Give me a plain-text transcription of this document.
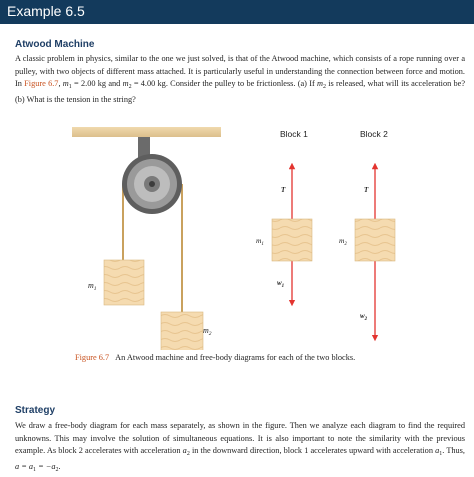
Example 6.5
Atwood Machine
A classic problem in physics, similar to the one we just solved, is that of the Atwood machine, which consists of a rope running over a pulley, with two objects of different mass attached. It is particularly useful in understanding the connection between force and motion. In Figure 6.7, $m_1 = 2.00$ kg and $m_2 = 4.00$ kg. Consider the pulley to be frictionless. (a) If $m_2$ is released, what will its acceleration be? (b) What is the tension in the string?
$m_1$
$m_2$
Block 1	Block 2
T
$w_1$
$m_1$
T
$w_2$
$m_2$
Figure 6.7 An Atwood machine and free-body diagrams for each of the two blocks.
Strategy
We draw a free-body diagram for each mass separately, as shown in the figure. Then we analyze each diagram to find the required unknowns. This may involve the solution of simultaneous equations. It is also important to note the similarity with the previous example. As block 2 accelerates with acceleration $a_2$ in the downward direction, block 1 accelerates upward with acceleration $a_1$. Thus, $a = a_1 = -a_2$.
